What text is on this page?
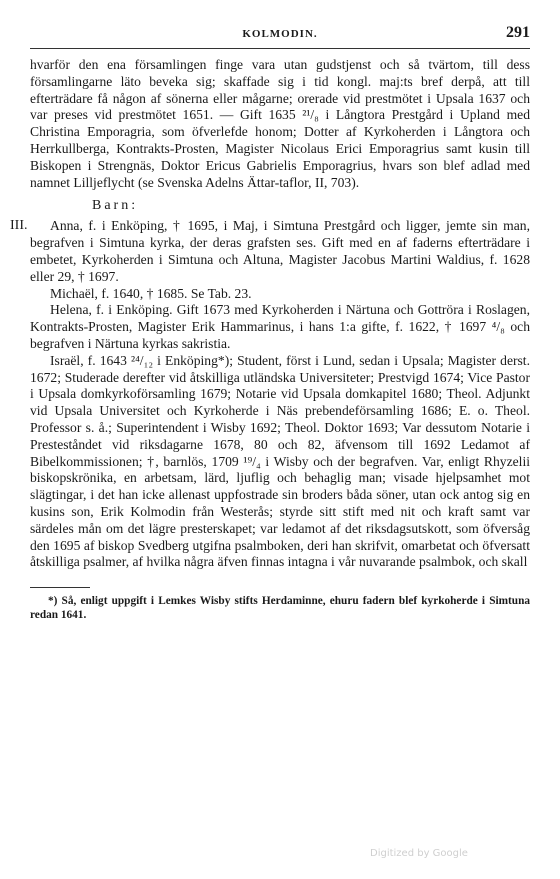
KOLMODIN.	291

hvarför den ena församlingen finge vara utan gudstjenst och så tvärtom, till dess församlingarne läto beveka sig; skaffade sig i tid kongl. maj:ts bref derpå, att till efterträdare få någon af sönerna eller mågarne; orerade vid prestmötet i Upsala 1637 och var preses vid prestmötet 1651. — Gift 1635 ²¹/₈ i Långtora Prestgård i Upland med Christina Emporagria, som öfverlefde honom; Dotter af Kyrkoherden i Långtora och Herrkullberga, Kontrakts-Prosten, Magister Nicolaus Erici Emporagrius samt kusin till Biskopen i Strengnäs, Doktor Ericus Gabrielis Emporagrius, hvars son blef adlad med namnet Lilljeflycht (se Svenska Adelns Ättar-taflor, II, 703).

Barn:
III.	Anna, f. i Enköping, † 1695, i Maj, i Simtuna Prestgård och ligger, jemte sin man, begrafven i Simtuna kyrka, der deras grafsten ses. Gift med en af faderns efterträdare i embetet, Kyrkoherden i Simtuna och Altuna, Magister Jacobus Martini Waldius, f. 1628 eller 29, † 1697.

Michaël, f. 1640, † 1685. Se Tab. 23.

Helena, f. i Enköping. Gift 1673 med Kyrkoherden i Närtuna och Gottröra i Roslagen, Kontrakts-Prosten, Magister Erik Hammarinus, i hans 1:a gifte, f. 1622, † 1697 ⁴/₈ och begrafven i Närtuna kyrkas sakristia.

Israël, f. 1643 ²⁴/₁₂ i Enköping*); Student, först i Lund, sedan i Upsala; Magister derst. 1672; Studerade derefter vid åtskilliga utländska Universiteter; Prestvigd 1674; Vice Pastor i Upsala domkyrkoförsamling 1679; Notarie vid Upsala domkapitel 1680; Theol. Adjunkt vid Upsala Universitet och Kyrkoherde i Näs prebendeförsamling 1686; E. o. Theol. Professor s. å.; Superintendent i Wisby 1692; Theol. Doktor 1693; Var dessutom Notarie i Presteståndet vid riksdagarne 1678, 80 och 82, äfvensom till 1692 Ledamot af Bibelkommissionen; †, barnlös, 1709 ¹⁹/₄ i Wisby och der begrafven. Var, enligt Rhyzelii biskopskrönika, en arbetsam, lärd, ljuflig och behaglig man; visade hjelpsamhet mot slägtingar, i det han icke allenast uppfostrade sin broders båda söner, utan ock antog sig en kusins son, Erik Kolmodin från Westerås; styrde sitt stift med nit och kraft samt var särdeles mån om det lägre presterskapet; var ledamot af det riksdagsutskott, som öfversåg den 1695 af biskop Svedberg utgifna psalmboken, deri han skrifvit, omarbetat och öfversatt åtskilliga psalmer, af hvilka några äfven finnas intagna i vår nuvarande psalmbok, och skall

*) Så, enligt uppgift i Lemkes Wisby stifts Herdaminne, ehuru fadern blef kyrkoherde i Simtuna redan 1641.

Digitized by Google
